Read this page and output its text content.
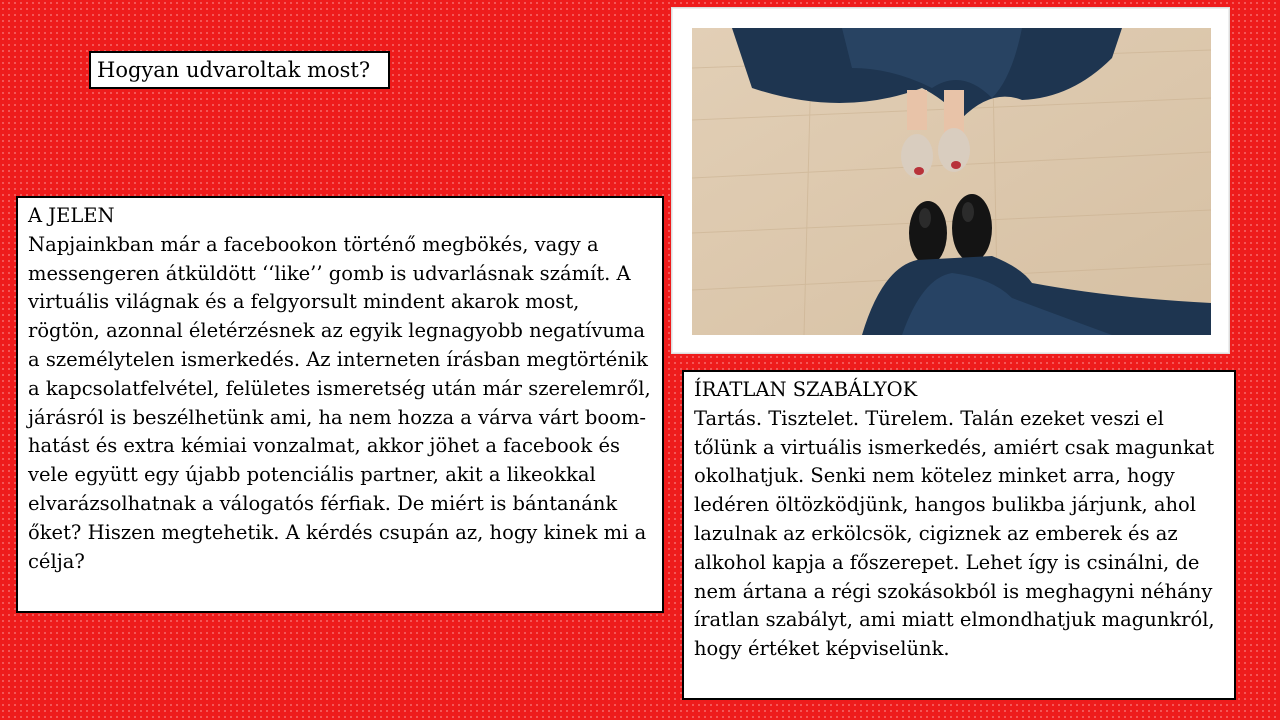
Hogyan udvaroltak most?
A JELEN
Napjainkban már a facebookon történő megbökés, vagy a messengeren átküldött ‘‘like’’ gomb is udvarlásnak számít. A virtuális világnak és a felgyorsult mindent akarok most, rögtön, azonnal életérzésnek az egyik legnagyobb negatívuma a személytelen ismerkedés. Az interneten írásban megtörténik a kapcsolatfelvétel, felületes ismeretség után már szerelemről, járásról is beszélhetünk ami, ha nem hozza a várva várt boom-hatást és extra kémiai vonzalmat, akkor jöhet a facebook és vele együtt egy újabb potenciális partner, akit a likeokkal elvarázsolhatnak a válogatós férfiak. De miért is bántanánk őket? Hiszen megtehetik. A kérdés csupán az, hogy kinek mi a célja?
ÍRATLAN SZABÁLYOK
Tartás. Tisztelet. Türelem. Talán ezeket veszi el tőlünk a virtuális ismerkedés, amiért csak magunkat okolhatjuk. Senki nem kötelez minket arra, hogy ledéren öltözködjünk, hangos bulikba járjunk, ahol lazulnak az erkölcsök, cigiznek az emberek és az alkohol kapja a főszerepet. Lehet így is csinálni, de nem ártana a régi szokásokból is meghagyni néhány íratlan szabályt, ami miatt elmondhatjuk magunkról, hogy értéket képviselünk.
